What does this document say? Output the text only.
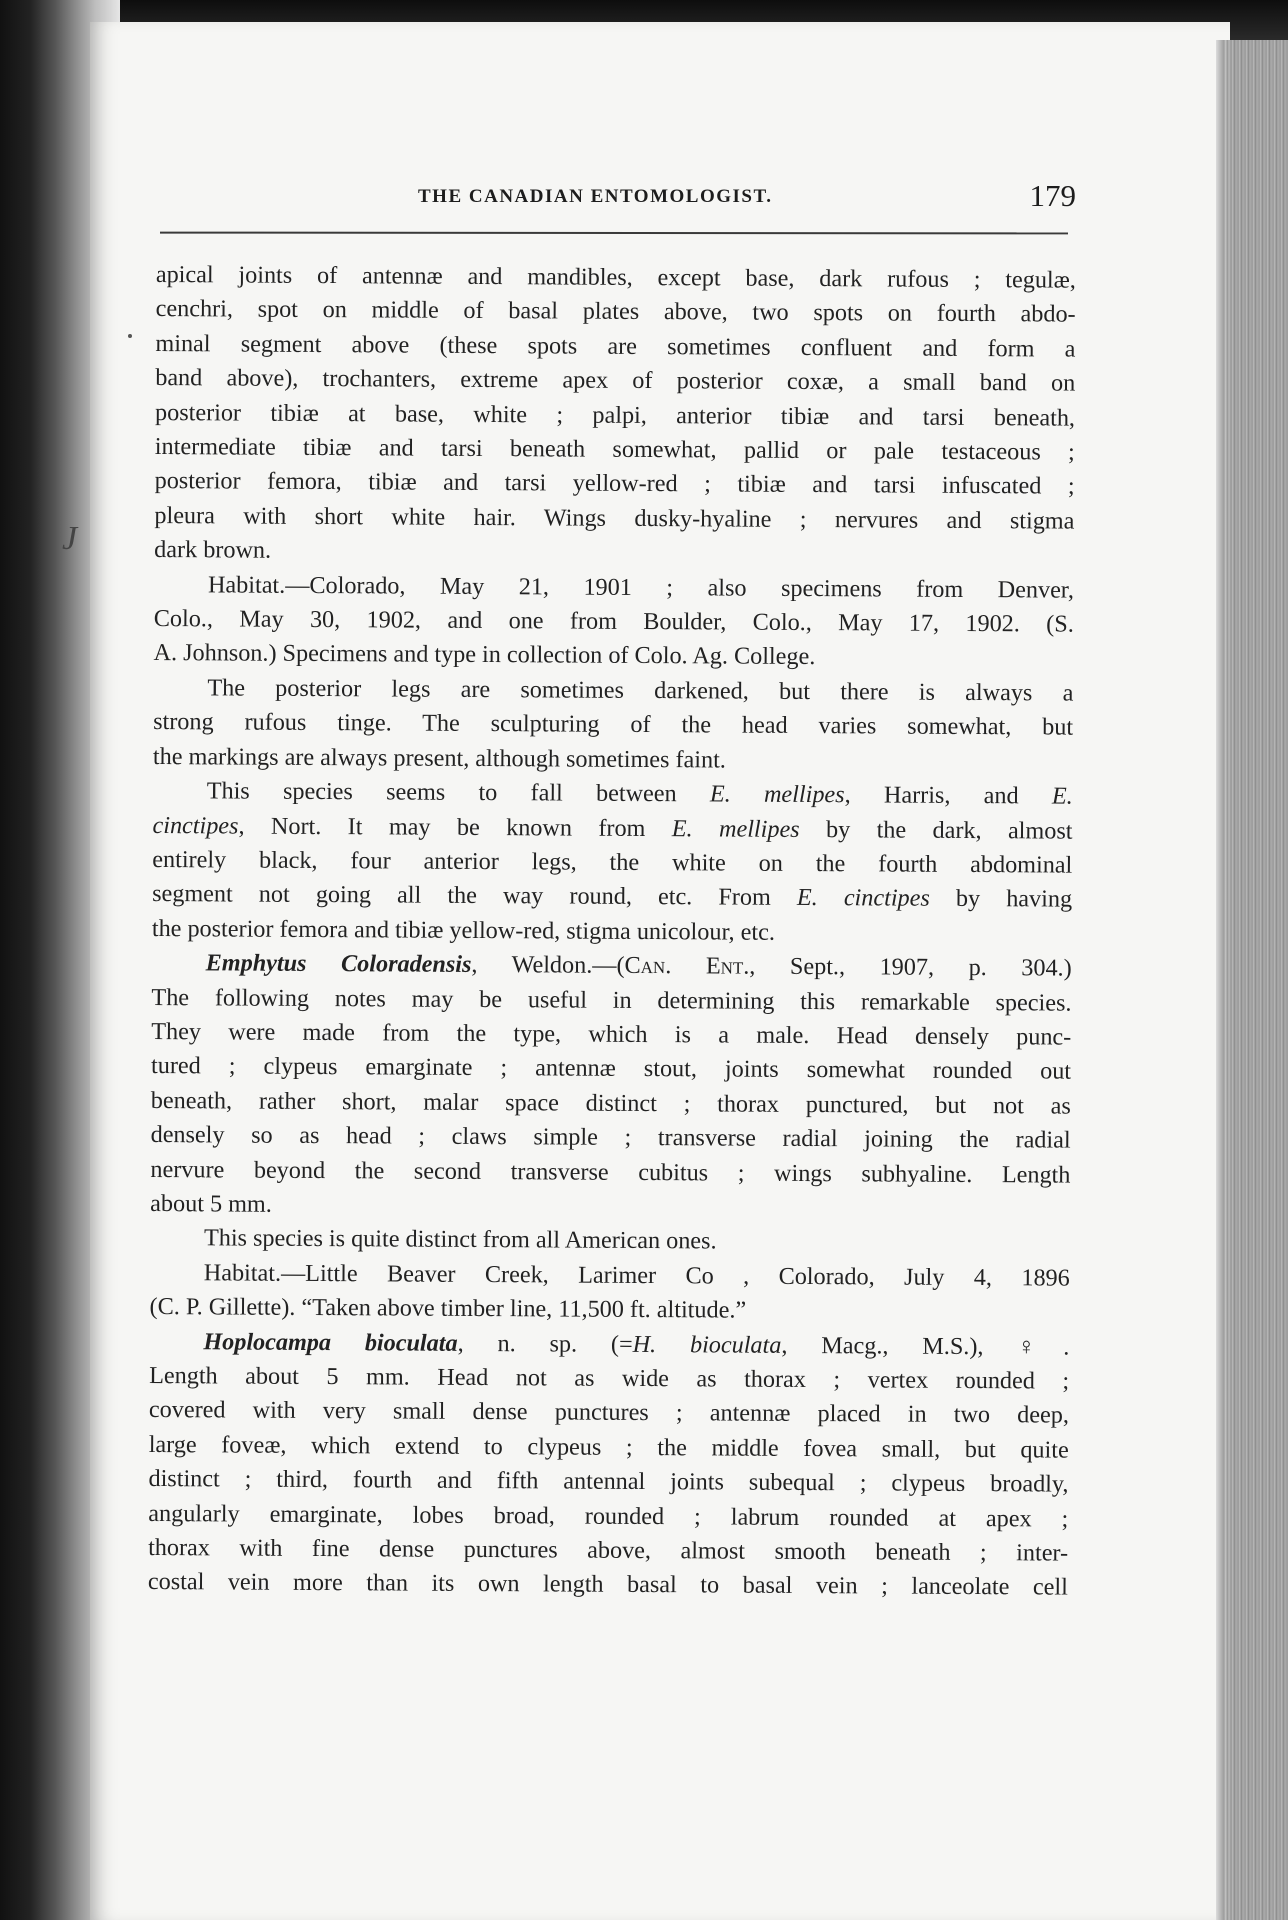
J
THE CANADIAN ENTOMOLOGIST.	179
apical joints of antennæ and mandibles, except base, dark rufous ; tegulæ,
cenchri, spot on middle of basal plates above, two spots on fourth abdo-
minal segment above (these spots are sometimes confluent and form a
band above), trochanters, extreme apex of posterior coxæ, a small band on
posterior tibiæ at base, white ; palpi, anterior tibiæ and tarsi beneath,
intermediate tibiæ and tarsi beneath somewhat, pallid or pale testaceous ;
posterior femora, tibiæ and tarsi yellow-red ; tibiæ and tarsi infuscated ;
pleura with short white hair. Wings dusky-hyaline ; nervures and stigma
dark brown.
Habitat.—Colorado, May 21, 1901 ; also specimens from Denver,
Colo., May 30, 1902, and one from Boulder, Colo., May 17, 1902. (S.
A. Johnson.) Specimens and type in collection of Colo. Ag. College.
The posterior legs are sometimes darkened, but there is always a
strong rufous tinge. The sculpturing of the head varies somewhat, but
the markings are always present, although sometimes faint.
This species seems to fall between E. mellipes, Harris, and E.
cinctipes, Nort. It may be known from E. mellipes by the dark, almost
entirely black, four anterior legs, the white on the fourth abdominal
segment not going all the way round, etc. From E. cinctipes by having
the posterior femora and tibiæ yellow-red, stigma unicolour, etc.
Emphytus Coloradensis, Weldon.—(Can. Ent., Sept., 1907, p. 304.)
The following notes may be useful in determining this remarkable species.
They were made from the type, which is a male. Head densely punc-
tured ; clypeus emarginate ; antennæ stout, joints somewhat rounded out
beneath, rather short, malar space distinct ; thorax punctured, but not as
densely so as head ; claws simple ; transverse radial joining the radial
nervure beyond the second transverse cubitus ; wings subhyaline. Length
about 5 mm.
This species is quite distinct from all American ones.
Habitat.—Little Beaver Creek, Larimer Co , Colorado, July 4, 1896
(C. P. Gillette). “Taken above timber line, 11,500 ft. altitude.”
Hoplocampa bioculata, n. sp. (=H. bioculata, Macg., M.S.), ♀.
Length about 5 mm. Head not as wide as thorax ; vertex rounded ;
covered with very small dense punctures ; antennæ placed in two deep,
large foveæ, which extend to clypeus ; the middle fovea small, but quite
distinct ; third, fourth and fifth antennal joints subequal ; clypeus broadly,
angularly emarginate, lobes broad, rounded ; labrum rounded at apex ;
thorax with fine dense punctures above, almost smooth beneath ; inter-
costal vein more than its own length basal to basal vein ; lanceolate cell
